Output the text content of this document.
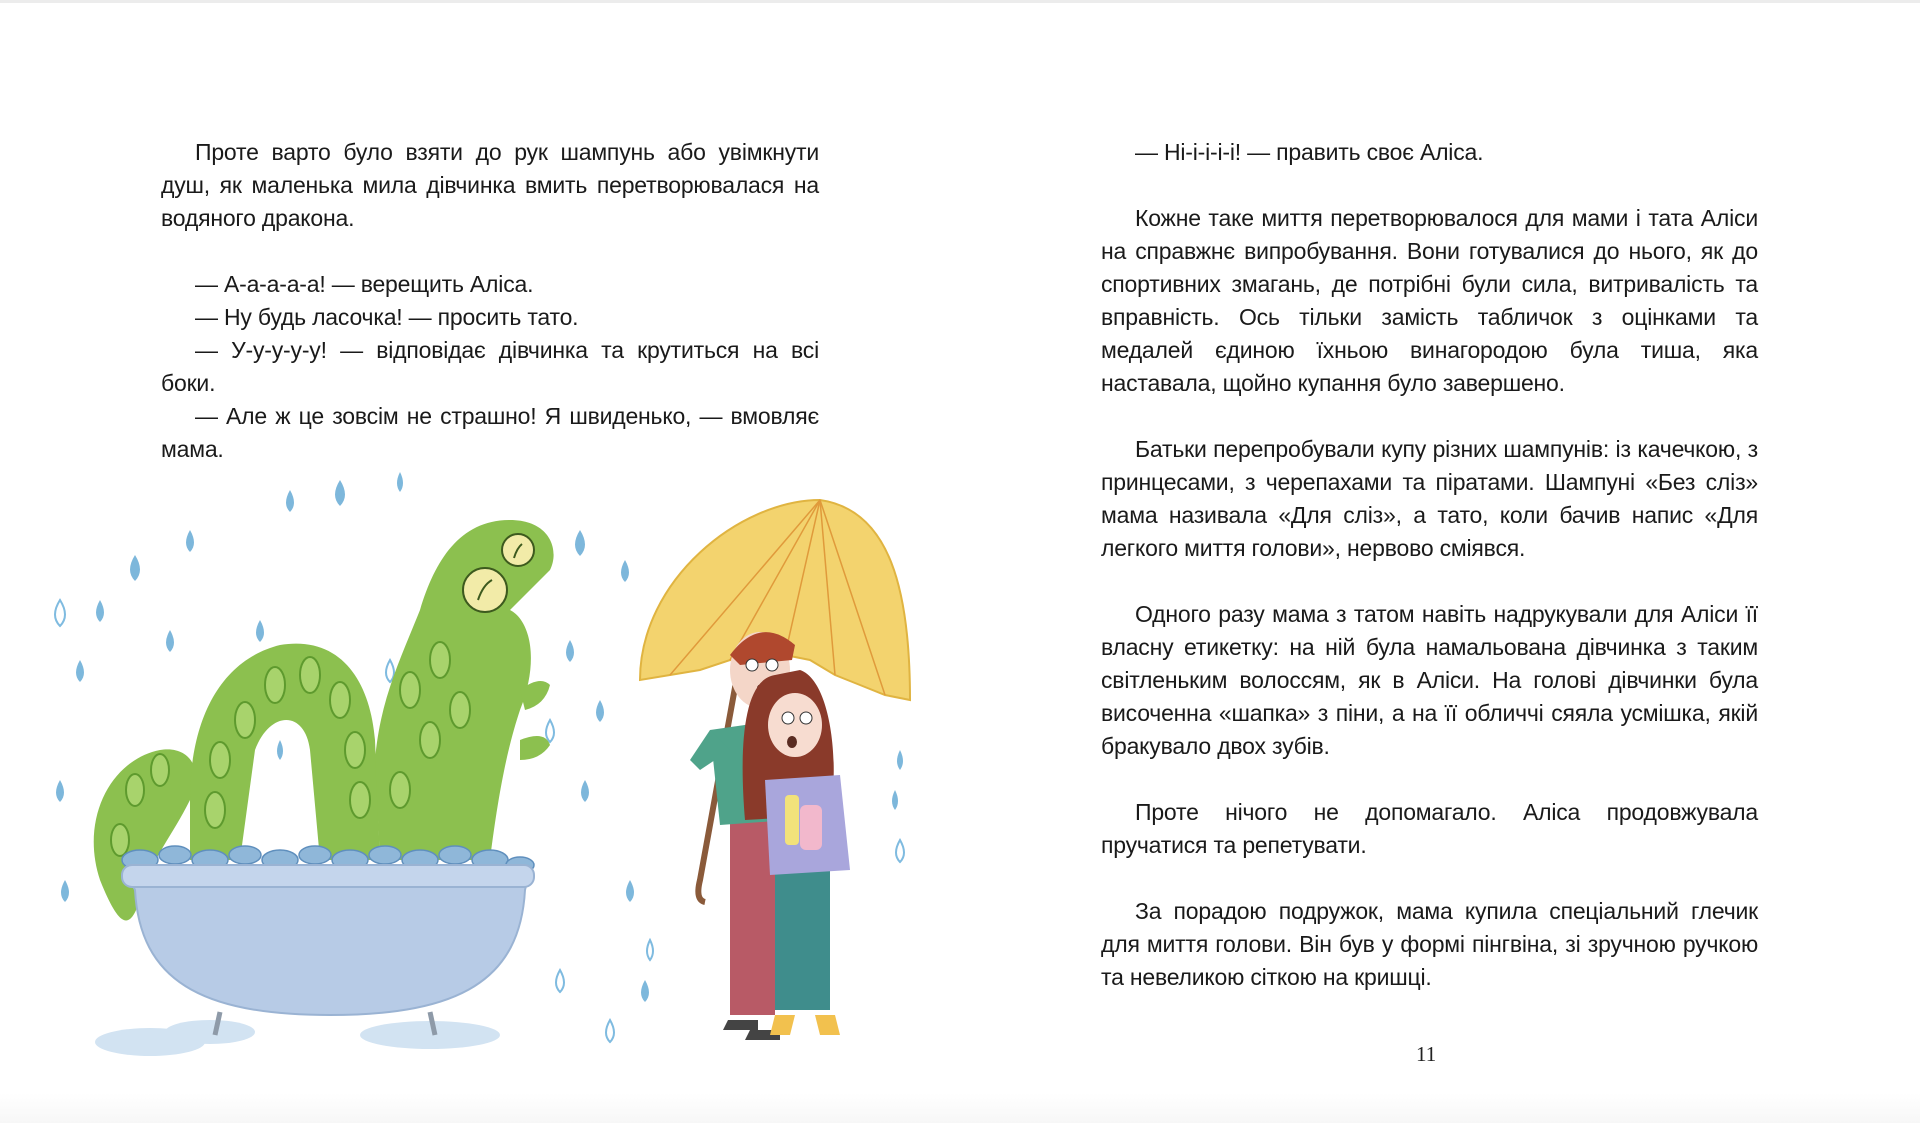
Проте варто було взяти до рук шампунь або увімкнути душ, як маленька мила дівчинка вмить перетворювалася на водяного дракона.

— А-а-а-а-а! — верещить Аліса.

— Ну будь ласочка! — просить тато.

— У-у-у-у-у! — відповідає дівчинка та крутиться на всі боки.

— Але ж це зовсім не страшно! Я швиденько, — вмовляє мама.

— Ні-і-і-і-і! — править своє Аліса.

Кожне таке миття перетворювалося для мами і тата Аліси на справжнє випробування. Вони готувалися до нього, як до спортивних змагань, де потрібні були сила, витривалість та вправність. Ось тільки замість табличок з оцінками та медалей єдиною їхньою винагородою була тиша, яка наставала, щойно купання було завершено.

Батьки перепробували купу різних шампунів: із качечкою, з принцесами, з черепахами та піратами. Шампуні «Без сліз» мама називала «Для сліз», а тато, коли бачив напис «Для легкого миття голови», нервово сміявся.

Одного разу мама з татом навіть надрукували для Аліси її власну етикетку: на ній була намальована дівчинка з таким світленьким волоссям, як в Аліси. На голові дівчинки була височенна «шапка» з піни, а на її обличчі сяяла усмішка, якій бракувало двох зубів.

Проте нічого не допомагало. Аліса продовжувала пручатися та репетувати.

За порадою подружок, мама купила спеціальний глечик для миття голови. Він був у формі пінгвіна, зі зручною ручкою та невеликою сіткою на кришці.

11
